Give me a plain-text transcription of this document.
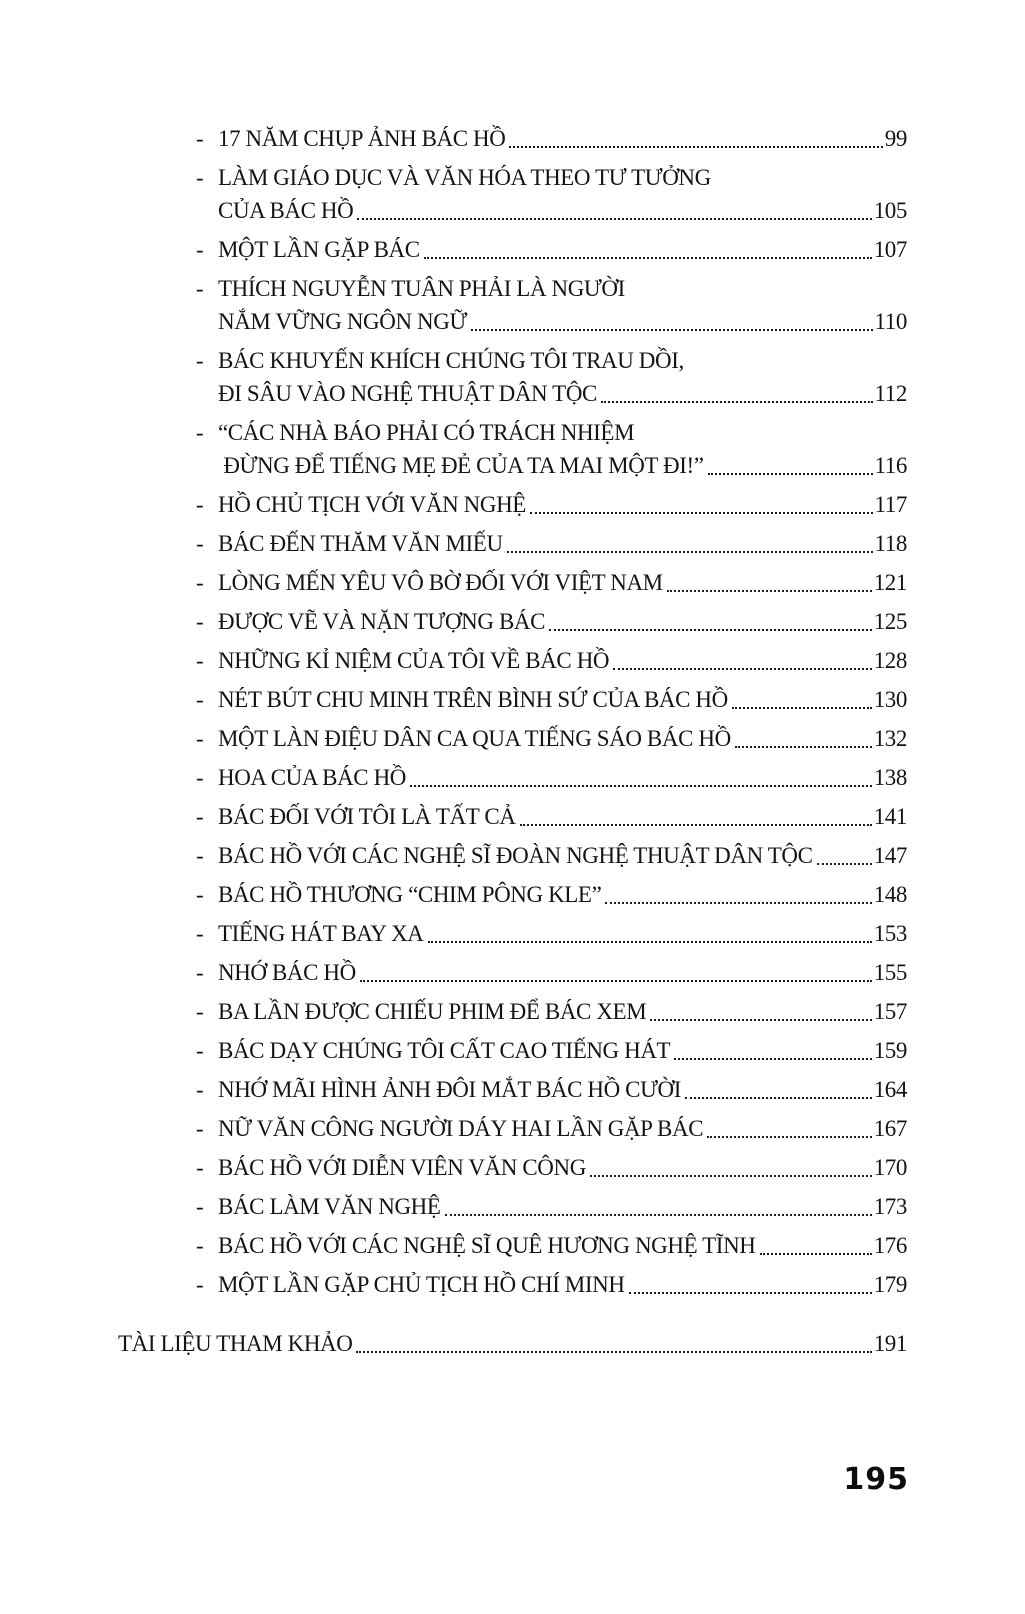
- 17 NĂM CHỤP ẢNH BÁC HỒ	99
- LÀM GIÁO DỤC VÀ VĂN HÓA THEO TƯ TƯỞNG
CỦA BÁC HỒ	105
- MỘT LẦN GẶP BÁC	107
- THÍCH NGUYỄN TUÂN PHẢI LÀ NGƯỜI
NẮM VỮNG NGÔN NGỮ	110
- BÁC KHUYẾN KHÍCH CHÚNG TÔI TRAU DỒI,
ĐI SÂU VÀO NGHỆ THUẬT DÂN TỘC	112
- “CÁC NHÀ BÁO PHẢI CÓ TRÁCH NHIỆM
ĐỪNG ĐỂ TIẾNG MẸ ĐẺ CỦA TA MAI MỘT ĐI!”	116
- HỒ CHỦ TỊCH VỚI VĂN NGHỆ	117
- BÁC ĐẾN THĂM VĂN MIẾU	118
- LÒNG MẾN YÊU VÔ BỜ ĐỐI VỚI VIỆT NAM	121
- ĐƯỢC VẼ VÀ NẶN TƯỢNG BÁC	125
- NHỮNG KỈ NIỆM CỦA TÔI VỀ BÁC HỒ	128
- NÉT BÚT CHU MINH TRÊN BÌNH SỨ CỦA BÁC HỒ	130
- MỘT LÀN ĐIỆU DÂN CA QUA TIẾNG SÁO BÁC HỒ	132
- HOA CỦA BÁC HỒ	138
- BÁC ĐỐI VỚI TÔI LÀ TẤT CẢ	141
- BÁC HỒ VỚI CÁC NGHỆ SĨ ĐOÀN NGHỆ THUẬT DÂN TỘC	147
- BÁC HỒ THƯƠNG “CHIM PÔNG KLE”	148
- TIẾNG HÁT BAY XA	153
- NHỚ BÁC HỒ	155
- BA LẦN ĐƯỢC CHIẾU PHIM ĐỂ BÁC XEM	157
- BÁC DẠY CHÚNG TÔI CẤT CAO TIẾNG HÁT	159
- NHỚ MÃI HÌNH ẢNH ĐÔI MẮT BÁC HỒ CƯỜI	164
- NỮ VĂN CÔNG NGƯỜI DÁY HAI LẦN GẶP BÁC	167
- BÁC HỒ VỚI DIỄN VIÊN VĂN CÔNG	170
- BÁC LÀM VĂN NGHỆ	173
- BÁC HỒ VỚI CÁC NGHỆ SĨ QUÊ HƯƠNG NGHỆ TĨNH	176
- MỘT LẦN GẶP CHỦ TỊCH HỒ CHÍ MINH	179
TÀI LIỆU THAM KHẢO	191
195
